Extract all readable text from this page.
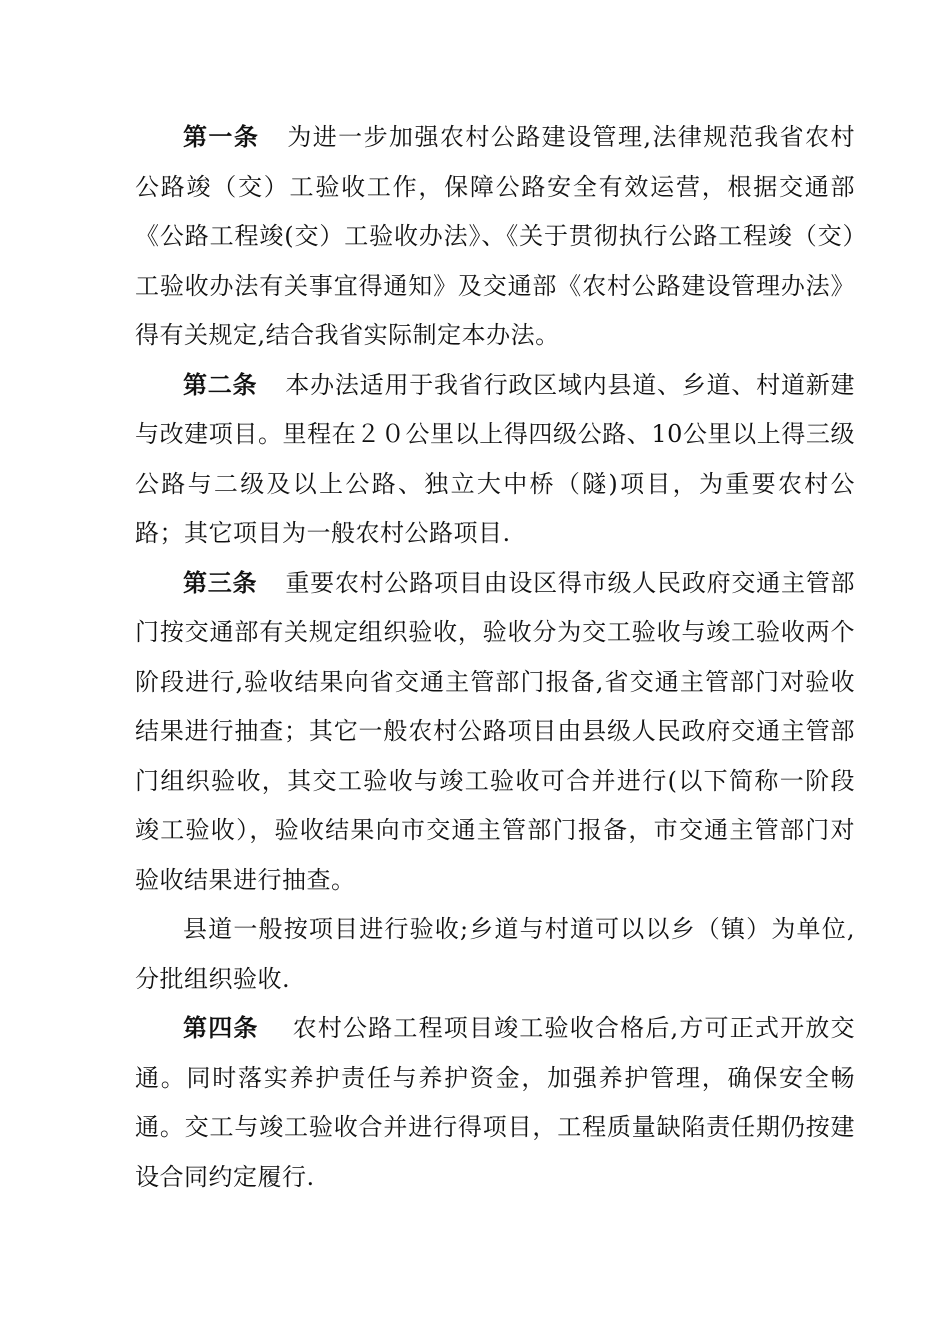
第一条 为进一步加强农村公路建设管理,法律规范我省农村公路竣（交）工验收工作，保障公路安全有效运营，根据交通部《公路工程竣(交）工验收办法》、《关于贯彻执行公路工程竣（交）工验收办法有关事宜得通知》及交通部《农村公路建设管理办法》得有关规定,结合我省实际制定本办法。

第二条 本办法适用于我省行政区域内县道、乡道、村道新建与改建项目。里程在２０公里以上得四级公路、10公里以上得三级公路与二级及以上公路、独立大中桥（隧)项目，为重要农村公路；其它项目为一般农村公路项目.

第三条 重要农村公路项目由设区得市级人民政府交通主管部门按交通部有关规定组织验收，验收分为交工验收与竣工验收两个阶段进行,验收结果向省交通主管部门报备,省交通主管部门对验收结果进行抽查；其它一般农村公路项目由县级人民政府交通主管部门组织验收，其交工验收与竣工验收可合并进行(以下简称一阶段竣工验收），验收结果向市交通主管部门报备，市交通主管部门对验收结果进行抽查。

县道一般按项目进行验收;乡道与村道可以以乡（镇）为单位,分批组织验收.

第四条 农村公路工程项目竣工验收合格后,方可正式开放交通。同时落实养护责任与养护资金，加强养护管理，确保安全畅通。交工与竣工验收合并进行得项目，工程质量缺陷责任期仍按建设合同约定履行.
